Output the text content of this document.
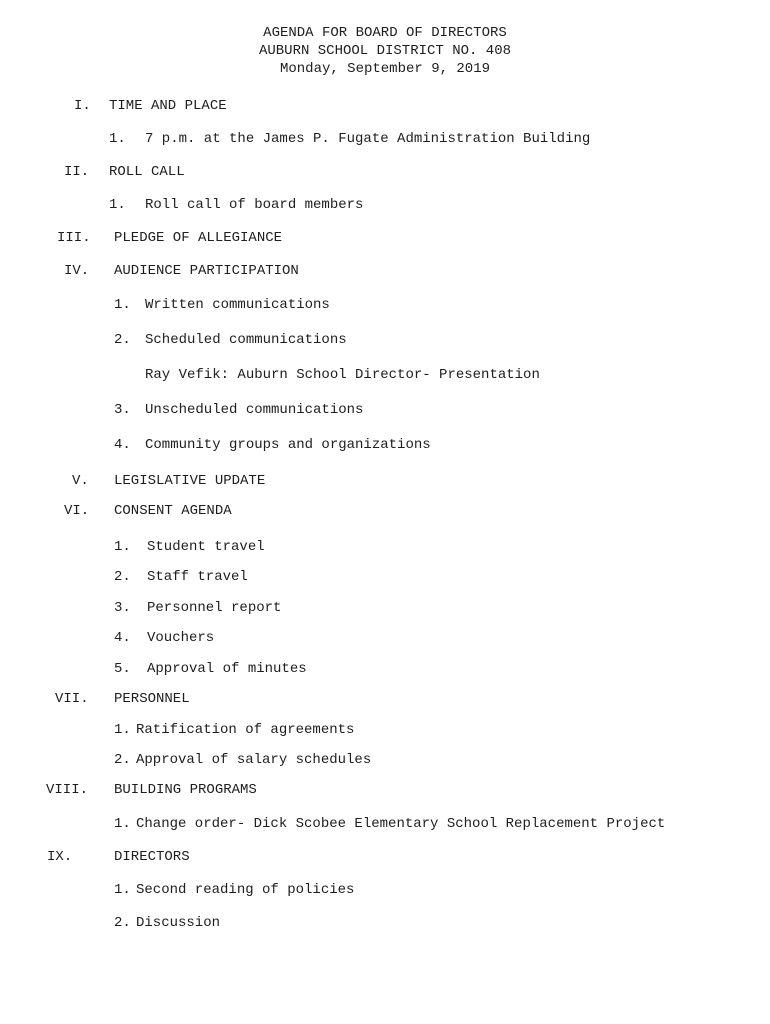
AGENDA FOR BOARD OF DIRECTORS
AUBURN SCHOOL DISTRICT NO. 408
Monday, September 9, 2019
I. TIME AND PLACE
1. 7 p.m. at the James P. Fugate Administration Building
II. ROLL CALL
1. Roll call of board members
III. PLEDGE OF ALLEGIANCE
IV. AUDIENCE PARTICIPATION
1. Written communications
2. Scheduled communications
Ray Vefik: Auburn School Director- Presentation
3. Unscheduled communications
4. Community groups and organizations
V. LEGISLATIVE UPDATE
VI. CONSENT AGENDA
1. Student travel
2. Staff travel
3. Personnel report
4. Vouchers
5. Approval of minutes
VII. PERSONNEL
1. Ratification of agreements
2. Approval of salary schedules
VIII. BUILDING PROGRAMS
1. Change order- Dick Scobee Elementary School Replacement Project
IX.	DIRECTORS
1. Second reading of policies
2. Discussion
